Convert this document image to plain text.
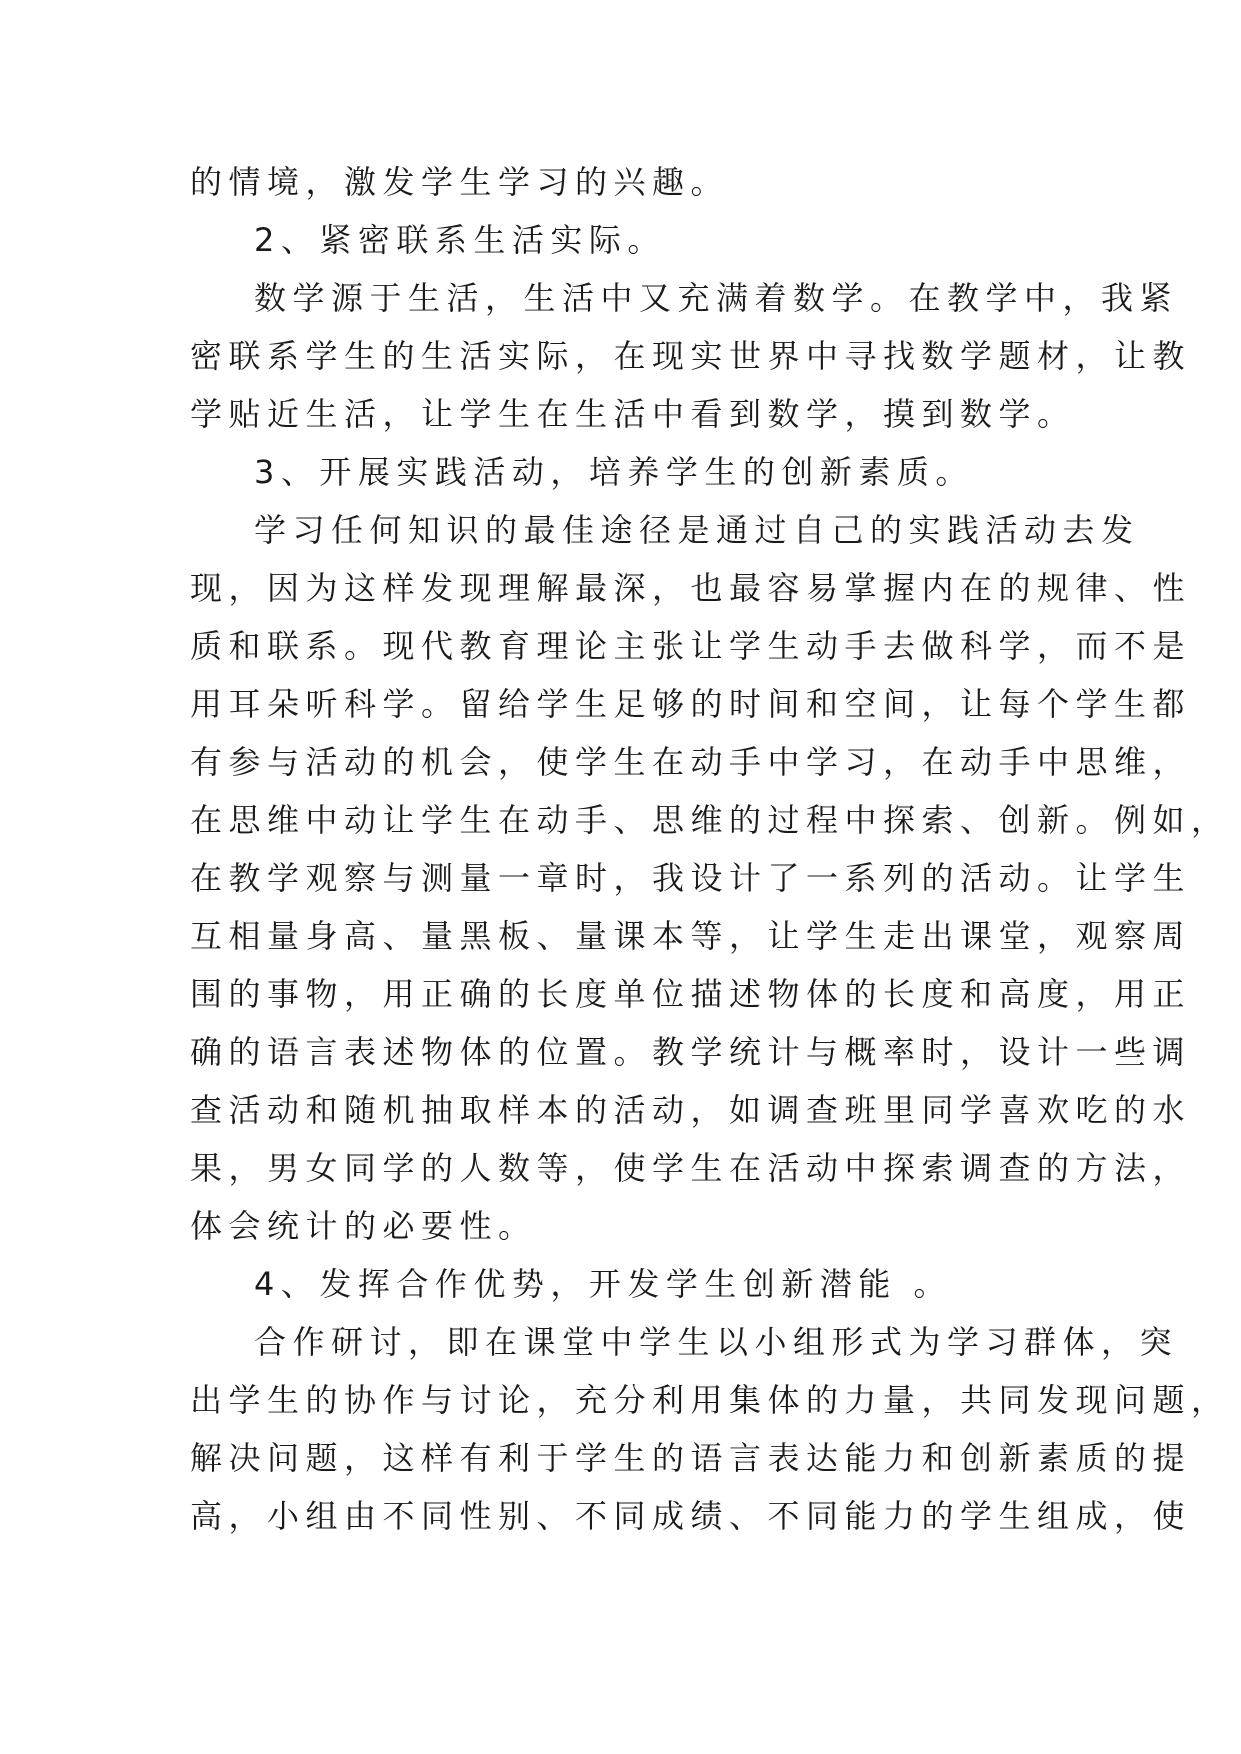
的情境，激发学生学习的兴趣。
2、紧密联系生活实际。
数学源于生活，生活中又充满着数学。在教学中，我紧
密联系学生的生活实际，在现实世界中寻找数学题材，让教
学贴近生活，让学生在生活中看到数学，摸到数学。
3、开展实践活动，培养学生的创新素质。
学习任何知识的最佳途径是通过自己的实践活动去发
现，因为这样发现理解最深，也最容易掌握内在的规律、性
质和联系。现代教育理论主张让学生动手去做科学，而不是
用耳朵听科学。留给学生足够的时间和空间，让每个学生都
有参与活动的机会，使学生在动手中学习，在动手中思维，
在思维中动让学生在动手、思维的过程中探索、创新。例如，
在教学观察与测量一章时，我设计了一系列的活动。让学生
互相量身高、量黑板、量课本等，让学生走出课堂，观察周
围的事物，用正确的长度单位描述物体的长度和高度，用正
确的语言表述物体的位置。教学统计与概率时，设计一些调
查活动和随机抽取样本的活动，如调查班里同学喜欢吃的水
果，男女同学的人数等，使学生在活动中探索调查的方法，
体会统计的必要性。
4、发挥合作优势，开发学生创新潜能 。
合作研讨，即在课堂中学生以小组形式为学习群体，突
出学生的协作与讨论，充分利用集体的力量，共同发现问题，
解决问题，这样有利于学生的语言表达能力和创新素质的提
高，小组由不同性别、不同成绩、不同能力的学生组成，使
